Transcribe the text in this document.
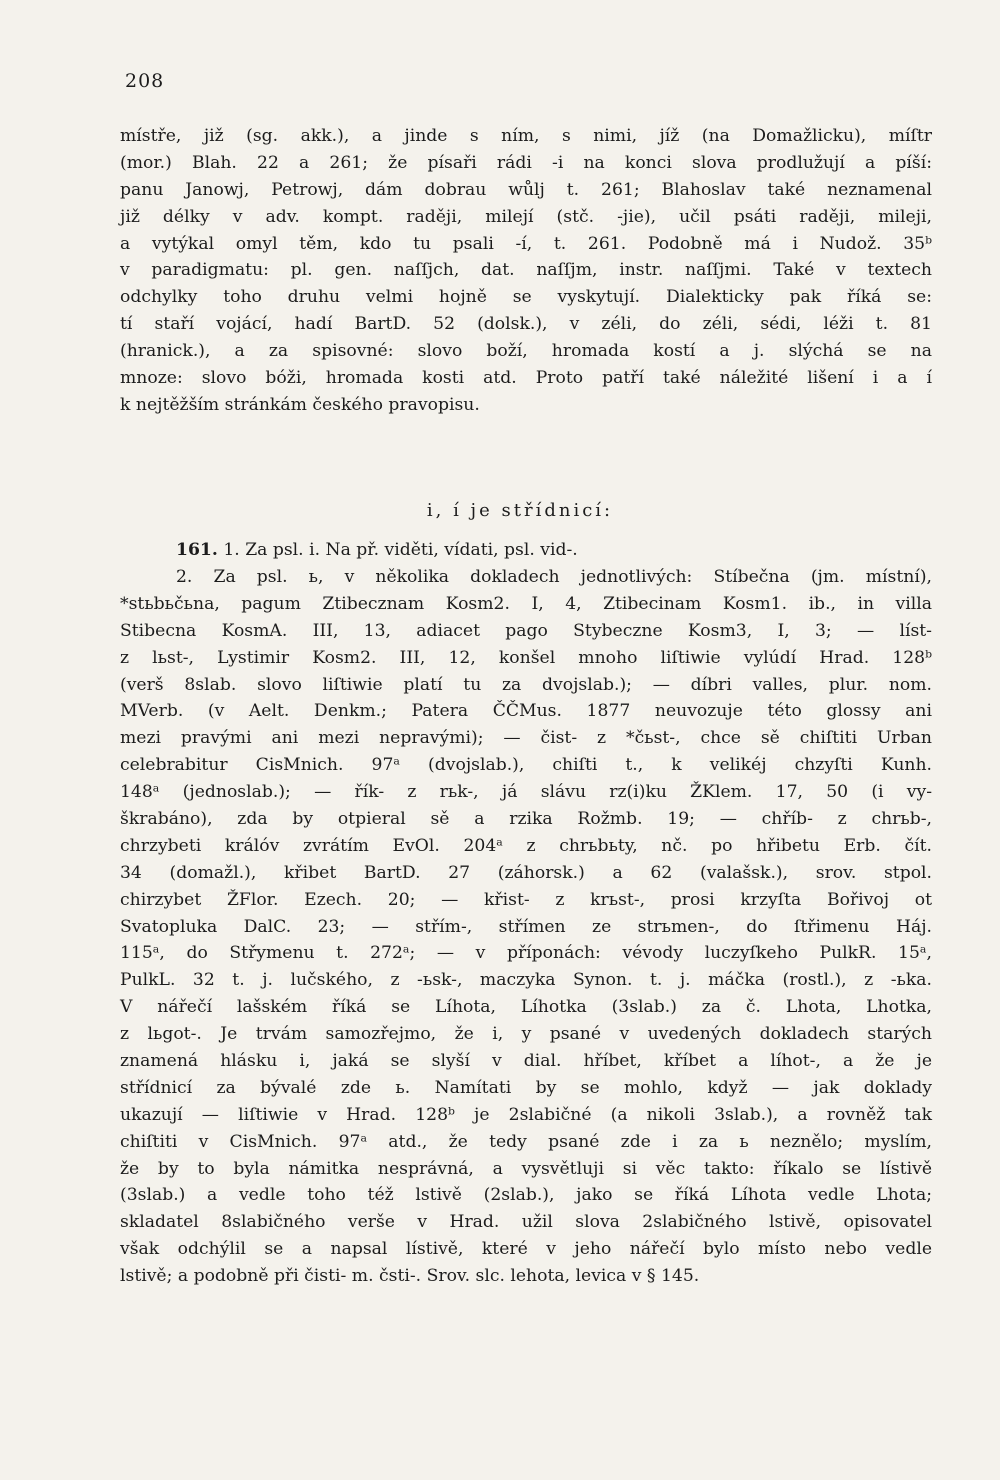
208
místře, již (sg. akk.), a jinde s ním, s nimi, jíž (na Domažlicku), míſtr
(mor.) Blah. 22 a 261; že písaři rádi -i na konci slova prodlužují a píší:
panu Janowj, Petrowj, dám dobrau wůlj t. 261; Blahoslav také neznamenal
již délky v adv. kompt. raději, milejí (stč. -jie), učil psáti raději, mileji,
a vytýkal omyl těm, kdo tu psali -í, t. 261. Podobně má i Nudož. 35ᵇ
v paradigmatu: pl. gen. naſſjch, dat. naſſjm, instr. naſſjmi. Také v textech
odchylky toho druhu velmi hojně se vyskytují. Dialekticky pak říká se:
tí staří vojácí, hadí BartD. 52 (dolsk.), v zéli, do zéli, sédi, léži t. 81
(hranick.), a za spisovné: slovo boží, hromada kostí a j. slýchá se na
mnoze: slovo bóži, hromada kosti atd. Proto patří také náležité lišení i a í
k nejtěžším stránkám českého pravopisu.
i, í je střídnicí:
161. 1. Za psl. i. Na př. viděti, vídati, psl. vid-.
2. Za psl. ь, v několika dokladech jednotlivých: Stíbečna (jm. místní),
*stьbьčьna, pagum Ztibecznam Kosm2. I, 4, Ztibecinam Kosm1. ib., in villa
Stibecna KosmA. III, 13, adiacet pago Stybeczne Kosm3, I, 3; — líst-
z lьst-, Lystimir Kosm2. III, 12, konšel mnoho liſtiwie vylúdí Hrad. 128ᵇ
(verš 8slab. slovo liſtiwie platí tu za dvojslab.); — díbri valles, plur. nom.
MVerb. (v Aelt. Denkm.; Patera ČČMus. 1877 neuvozuje této glossy ani
mezi pravými ani mezi nepravými); — čist- z *čьst-, chce sě chiſtiti Urban
celebrabitur CisMnich. 97ᵃ (dvojslab.), chiſti t., k velikéj chzyſti Kunh.
148ᵃ (jednoslab.); — řík- z rьk-, já slávu rz(i)ku ŽKlem. 17, 50 (i vy-
škrabáno), zda by otpieral sě a rzika Rožmb. 19; — chříb- z chrьb-,
chrzybeti králóv zvrátím EvOl. 204ᵃ z chrьbьty, nč. po hřibetu Erb. čít.
34 (domažl.), křibet BartD. 27 (záhorsk.) a 62 (valašsk.), srov. stpol.
chirzybet ŽFlor. Ezech. 20; — křist- z krьst-, prosi krzyſta Bořivoj ot
Svatopluka DalC. 23; — střím-, střímen ze strьmen-, do ſtřimenu Háj.
115ᵃ, do Střymenu t. 272ᵃ; — v příponách: vévody luczyſkeho PulkR. 15ᵃ,
PulkL. 32 t. j. lučského, z -ьsk-, maczyka Synon. t. j. máčka (rostl.), z -ьka.
V nářečí lašském říká se Líhota, Líhotka (3slab.) za č. Lhota, Lhotka,
z lьgot-. Je trvám samozřejmo, že i, y psané v uvedených dokladech starých
znamená hlásku i, jaká se slyší v dial. hříbet, kříbet a líhot-, a že je
střídnicí za bývalé zde ь. Namítati by se mohlo, když — jak doklady
ukazují — liſtiwie v Hrad. 128ᵇ je 2slabičné (a nikoli 3slab.), a rovněž tak
chiſtiti v CisMnich. 97ᵃ atd., že tedy psané zde i za ь neznělo; myslím,
že by to byla námitka nesprávná, a vysvětluji si věc takto: říkalo se lístivě
(3slab.) a vedle toho též lstivě (2slab.), jako se říká Líhota vedle Lhota;
skladatel 8slabičného verše v Hrad. užil slova 2slabičného lstivě, opisovatel
však odchýlil se a napsal lístivě, které v jeho nářečí bylo místo nebo vedle
lstivě; a podobně při čisti- m. čsti-. Srov. slc. lehota, levica v § 145.
